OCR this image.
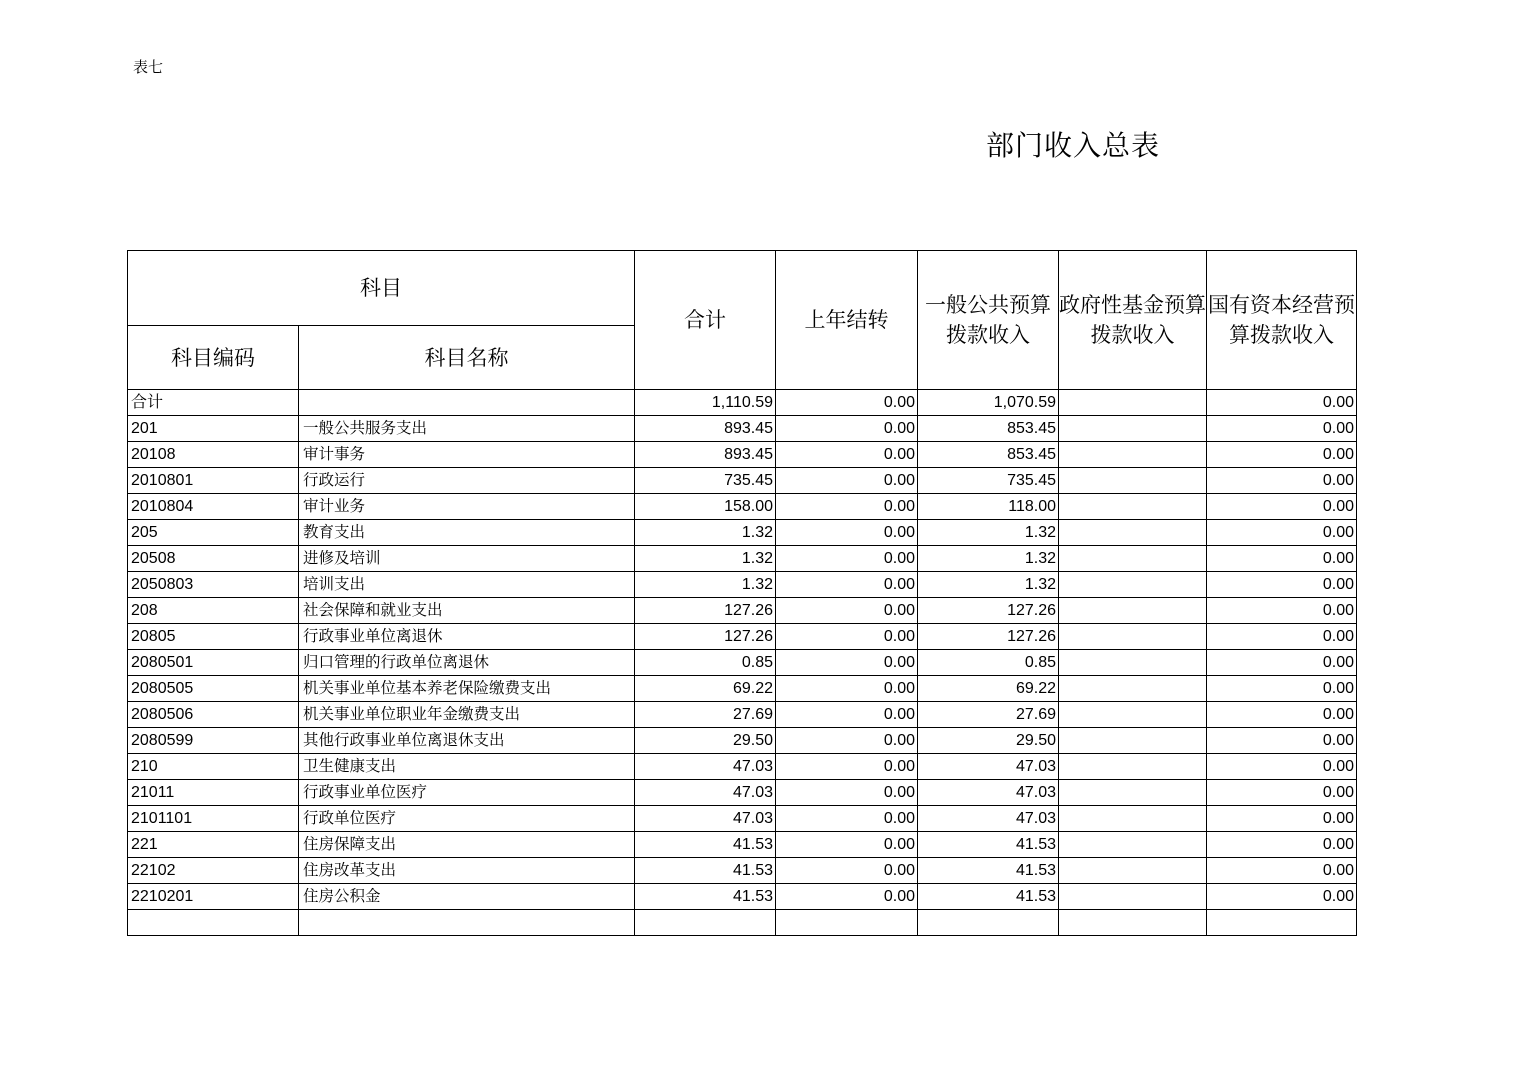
表七
部门收入总表
科目		合计	上年结转	一般公共预算拨款收入	政府性基金预算拨款收入	国有资本经营预算拨款收入
科目编码	科目名称					
合计		1,110.59	0.00	1,070.59		0.00
201	一般公共服务支出	893.45	0.00	853.45		0.00
20108	审计事务	893.45	0.00	853.45		0.00
2010801	行政运行	735.45	0.00	735.45		0.00
2010804	审计业务	158.00	0.00	118.00		0.00
205	教育支出	1.32	0.00	1.32		0.00
20508	进修及培训	1.32	0.00	1.32		0.00
2050803	培训支出	1.32	0.00	1.32		0.00
208	社会保障和就业支出	127.26	0.00	127.26		0.00
20805	行政事业单位离退休	127.26	0.00	127.26		0.00
2080501	归口管理的行政单位离退休	0.85	0.00	0.85		0.00
2080505	机关事业单位基本养老保险缴费支出	69.22	0.00	69.22		0.00
2080506	机关事业单位职业年金缴费支出	27.69	0.00	27.69		0.00
2080599	其他行政事业单位离退休支出	29.50	0.00	29.50		0.00
210	卫生健康支出	47.03	0.00	47.03		0.00
21011	行政事业单位医疗	47.03	0.00	47.03		0.00
2101101	行政单位医疗	47.03	0.00	47.03		0.00
221	住房保障支出	41.53	0.00	41.53		0.00
22102	住房改革支出	41.53	0.00	41.53		0.00
2210201	住房公积金	41.53	0.00	41.53		0.00
